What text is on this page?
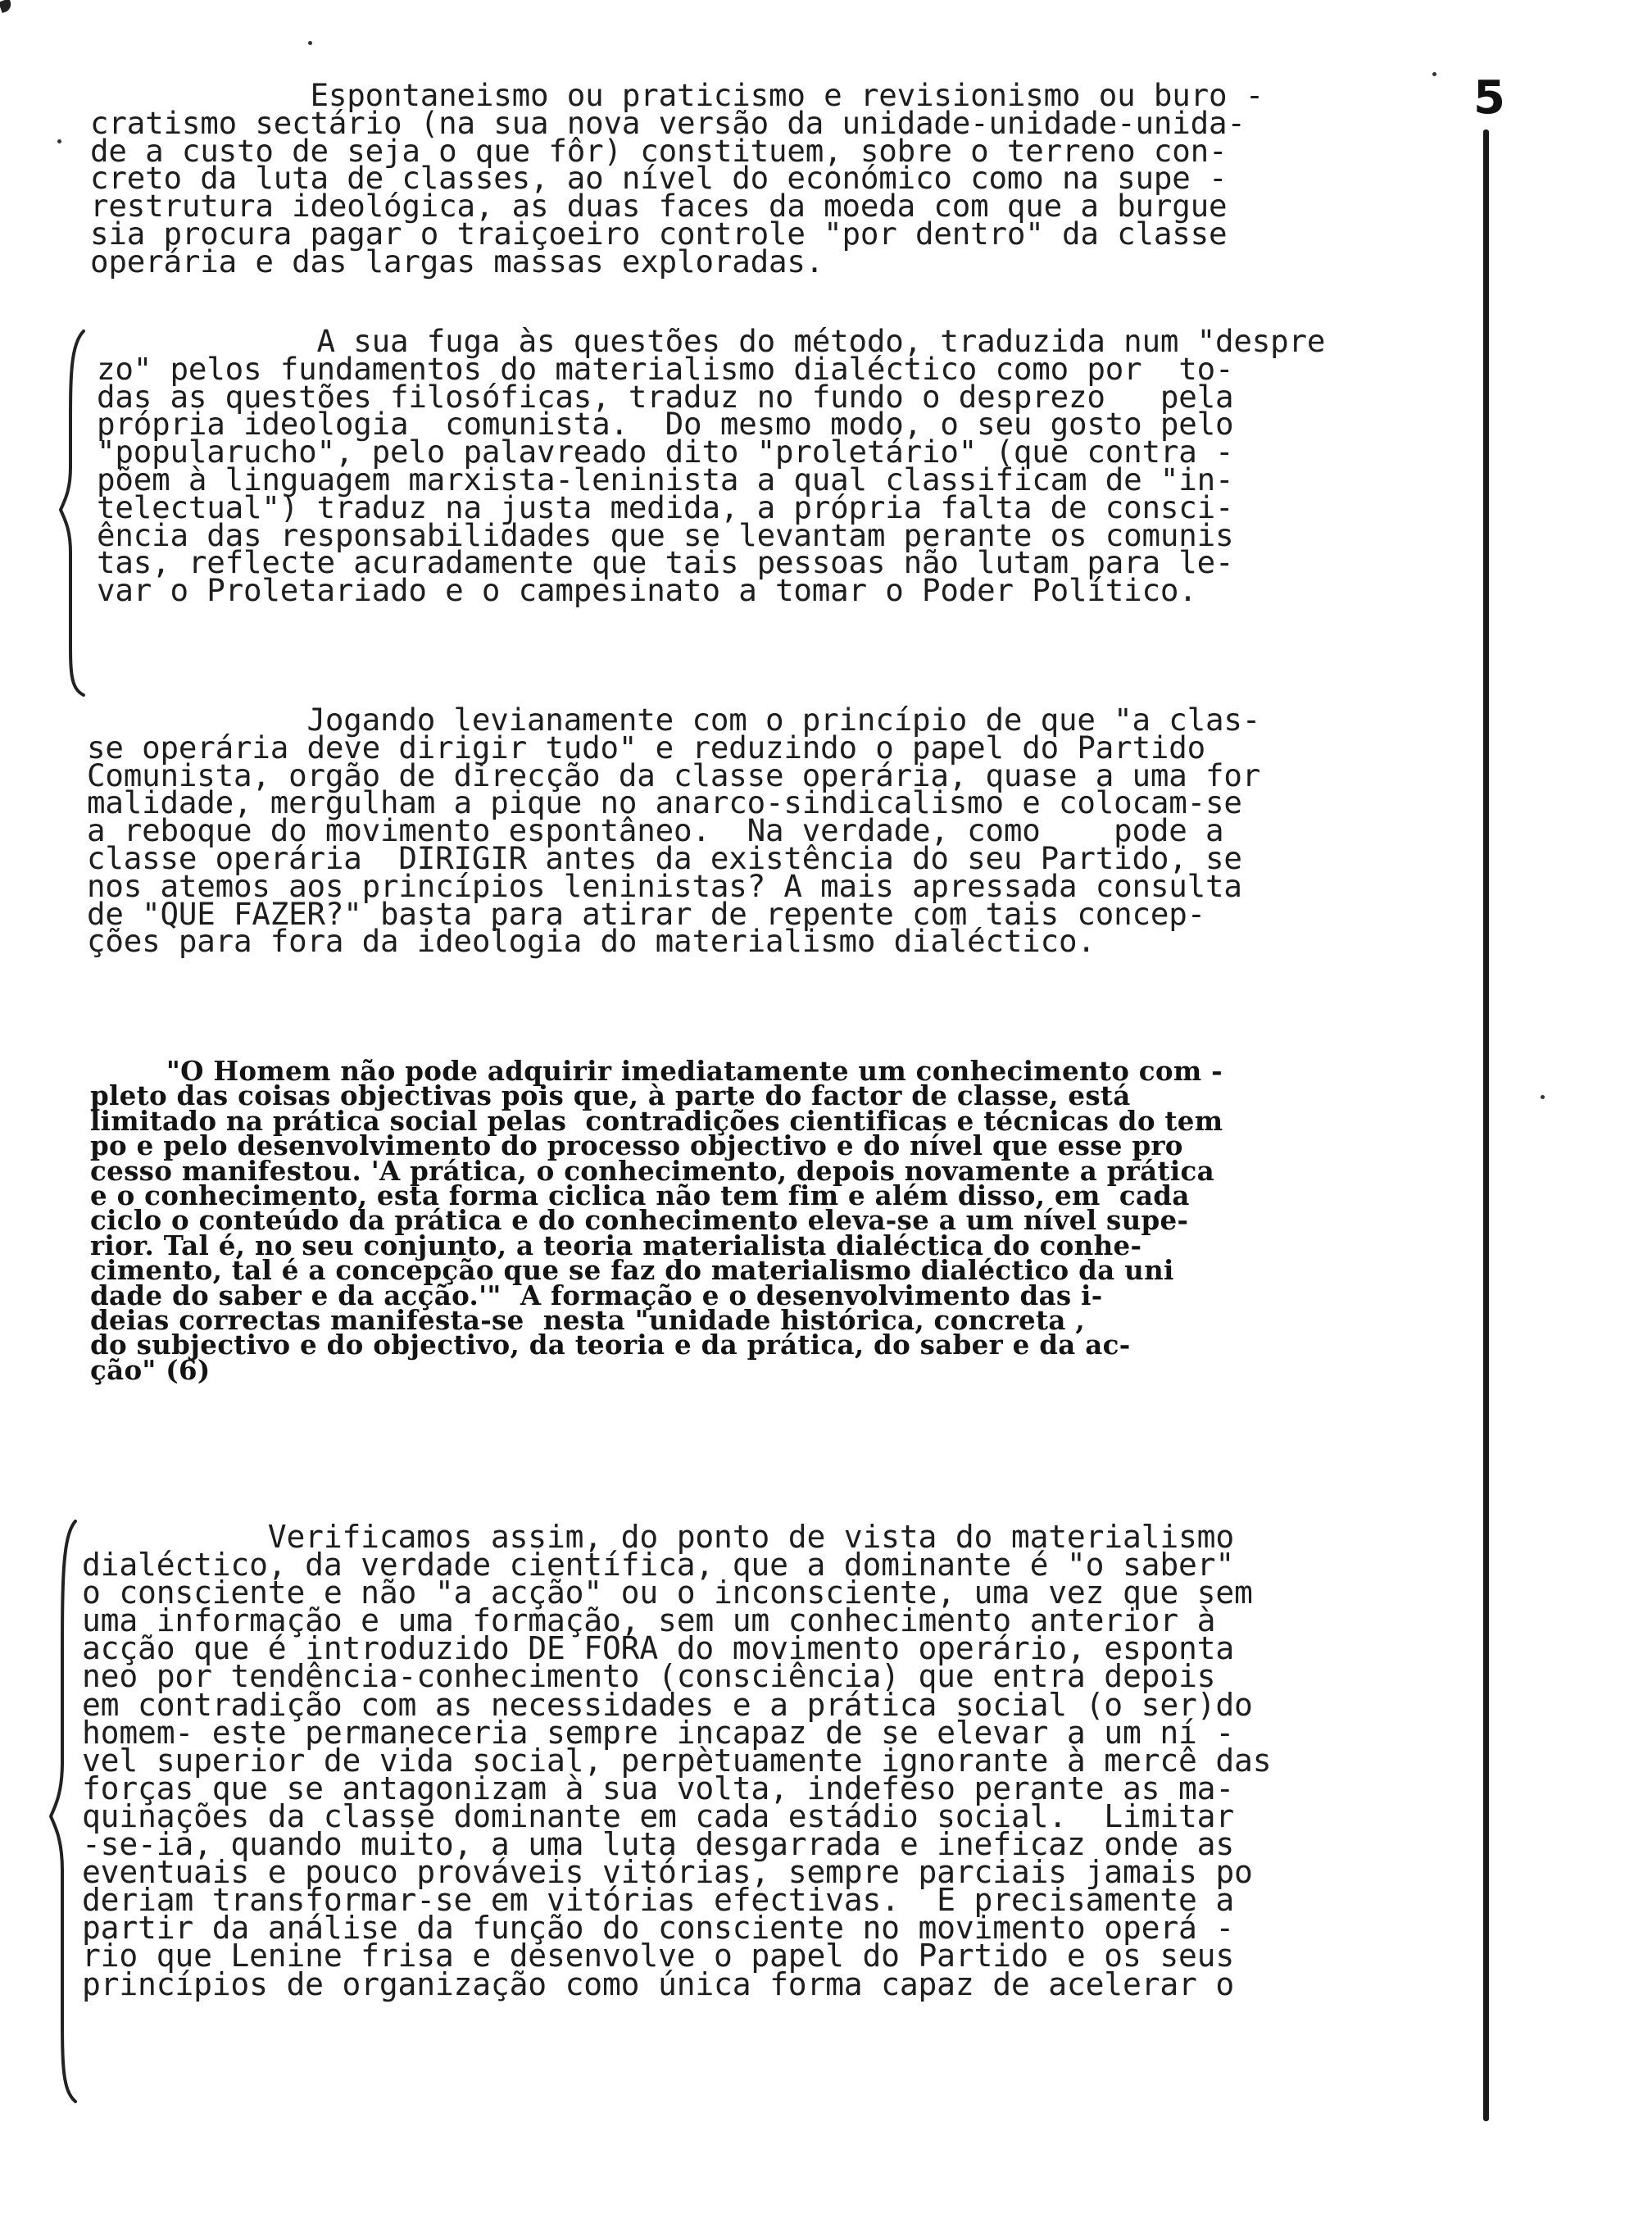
5
Espontaneismo ou praticismo e revisionismo ou buro -
cratismo sectário (na sua nova versão da unidade-unidade-unida-
de a custo de seja o que fôr) constituem, sobre o terreno con-
creto da luta de classes, ao nível do económico como na supe -
restrutura ideológica, as duas faces da moeda com que a burgue
sia procura pagar o traiçoeiro controle "por dentro" da classe
operária e das largas massas exploradas.
A sua fuga às questões do método, traduzida num "despre
zo" pelos fundamentos do materialismo dialéctico como por  to-
das as questões filosóficas, traduz no fundo o desprezo   pela
própria ideologia  comunista.  Do mesmo modo, o seu gosto pelo
"popularucho", pelo palavreado dito "proletário" (que contra -
põem à linguagem marxista-leninista a qual classificam de "in-
telectual") traduz na justa medida, a própria falta de consci-
ência das responsabilidades que se levantam perante os comunis
tas, reflecte acuradamente que tais pessoas não lutam para le-
var o Proletariado e o campesinato a tomar o Poder Político.
Jogando levianamente com o princípio de que "a clas-
se operária deve dirigir tudo" e reduzindo o papel do Partido
Comunista, orgão de direcção da classe operária, quase a uma for
malidade, mergulham a pique no anarco-sindicalismo e colocam-se
a reboque do movimento espontâneo.  Na verdade, como    pode a
classe operária  DIRIGIR antes da existência do seu Partido, se
nos atemos aos princípios leninistas? A mais apressada consulta
de "QUE FAZER?" basta para atirar de repente com tais concep-
ções para fora da ideologia do materialismo dialéctico.
"O Homem não pode adquirir imediatamente um conhecimento com -
pleto das coisas objectivas pois que, à parte do factor de classe, está
limitado na prática social pelas  contradições cientificas e técnicas do tem
po e pelo desenvolvimento do processo objectivo e do nível que esse pro
cesso manifestou. 'A prática, o conhecimento, depois novamente a prática
e o conhecimento, esta forma ciclica não tem fim e além disso, em  cada
ciclo o conteúdo da prática e do conhecimento eleva-se a um nível supe-
rior. Tal é, no seu conjunto, a teoria materialista dialéctica do conhe-
cimento, tal é a concepção que se faz do materialismo dialéctico da uni
dade do saber e da acção.'"  A formação e o desenvolvimento das i-
deias correctas manifesta-se  nesta "unidade histórica, concreta ,
do subjectivo e do objectivo, da teoria e da prática, do saber e da ac-
ção" (6)
Verificamos assim, do ponto de vista do materialismo
dialéctico, da verdade científica, que a dominante é "o saber"
o consciente e não "a acção" ou o inconsciente, uma vez que sem
uma informação e uma formação, sem um conhecimento anterior à
acção que é introduzido DE FORA do movimento operário, esponta
neo por tendência-conhecimento (consciência) que entra depois
em contradição com as necessidades e a prática social (o ser)do
homem- este permaneceria sempre incapaz de se elevar a um ní -
vel superior de vida social, perpètuamente ignorante à mercê das
forças que se antagonizam à sua volta, indefeso perante as ma-
quinações da classe dominante em cada estádio social.  Limitar
-se-ia, quando muito, a uma luta desgarrada e ineficaz onde as
eventuais e pouco prováveis vitórias, sempre parciais jamais po
deriam transformar-se em vitórias efectivas.  E precisamente a
partir da análise da função do consciente no movimento operá -
rio que Lenine frisa e desenvolve o papel do Partido e os seus
princípios de organização como única forma capaz de acelerar o
